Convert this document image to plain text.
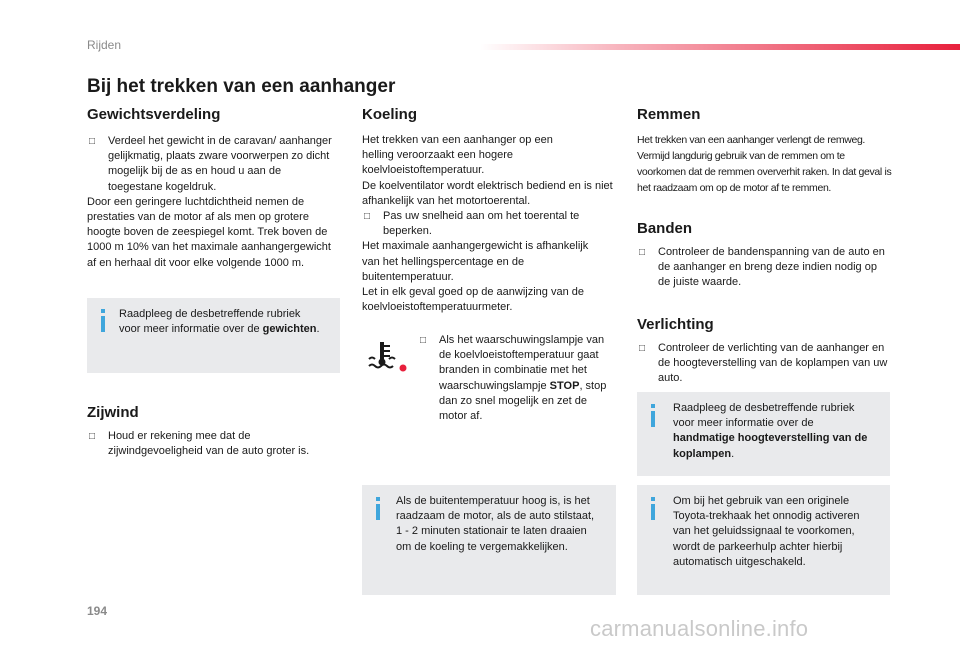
Rijden
Bij het trekken van een aanhanger
Gewichtsverdeling

□ Verdeel het gewicht in de caravan/ aanhanger gelijkmatig, plaats zware voorwerpen zo dicht mogelijk bij de as en houd u aan de toegestane kogeldruk.

Door een geringere luchtdichtheid nemen de prestaties van de motor af als men op grotere hoogte boven de zeespiegel komt. Trek boven de 1000 m 10% van het maximale aanhangergewicht af en herhaal dit voor elke volgende 1000 m.

Raadpleeg de desbetreffende rubriek voor meer informatie over de gewichten.
Zijwind

□ Houd er rekening mee dat de zijwindgevoeligheid van de auto groter is.

Koeling

Het trekken van een aanhanger op een helling veroorzaakt een hogere koelvloeistoftemperatuur.

De koelventilator wordt elektrisch bediend en is niet afhankelijk van het motortoerental.

□ Pas uw snelheid aan om het toerental te beperken.

Het maximale aanhangergewicht is afhankelijk van het hellingspercentage en de buitentemperatuur.

Let in elk geval goed op de aanwijzing van de koelvloeistoftemperatuurmeter.

□ Als het waarschuwingslampje van de koelvloeistoftemperatuur gaat branden in combinatie met het waarschuwingslampje STOP, stop dan zo snel mogelijk en zet de motor af.

Als de buitentemperatuur hoog is, is het raadzaam de motor, als de auto stilstaat, 1 - 2 minuten stationair te laten draaien om de koeling te vergemakkelijken.
Remmen

Het trekken van een aanhanger verlengt de remweg. Vermijd langdurig gebruik van de remmen om te voorkomen dat de remmen oververhit raken. In dat geval is het raadzaam om op de motor af te remmen.

Banden

□ Controleer de bandenspanning van de auto en de aanhanger en breng deze indien nodig op de juiste waarde.

Verlichting

□ Controleer de verlichting van de aanhanger en de hoogteverstelling van de koplampen van uw auto.

Raadpleeg de desbetreffende rubriek voor meer informatie over de handmatige hoogteverstelling van de koplampen.
Om bij het gebruik van een originele Toyota-trekhaak het onnodig activeren van het geluidssignaal te voorkomen, wordt de parkeerhulp achter hierbij automatisch uitgeschakeld.
194
carmanualsonline.info
